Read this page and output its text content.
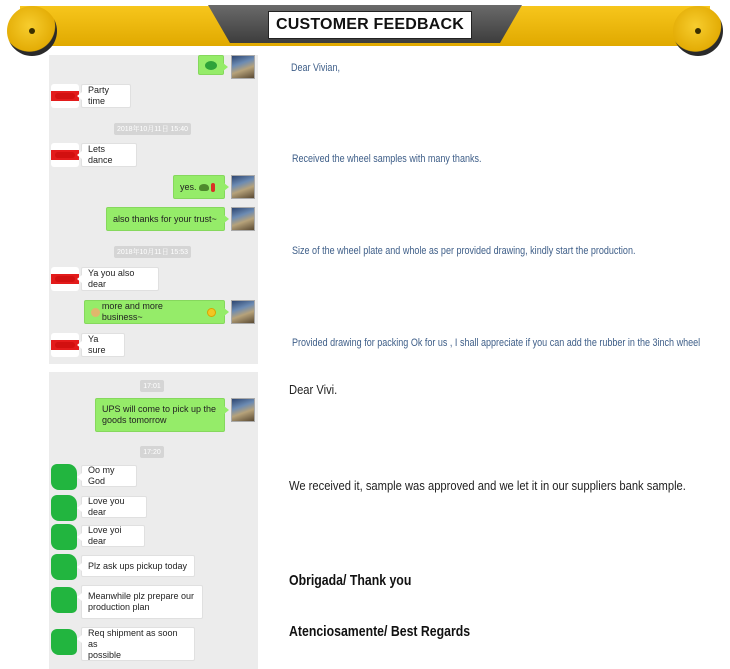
CUSTOMER FEEDBACK
Party time
2018年10月11日 15:40
Lets dance
yes.
also thanks for your trust~
2018年10月11日 15:53
Ya you also dear
more and more business~
Ya sure
17:01
UPS will come to pick up the
goods tomorrow
17:20
Oo my God
Love you dear
Love yoi dear
Plz ask ups pickup today
Meanwhile plz prepare our
production plan
Req shipment as soon as
possible
Dear Vivian,
Received the wheel samples with many thanks.
Size of the wheel plate and whole as per provided drawing, kindly start the production.
Provided drawing for packing Ok for us , I shall appreciate if you can add the rubber in the 3inch wheel
Dear Vivi.
We received it, sample was approved and we let it in our suppliers bank sample.
Obrigada/ Thank you
Atenciosamente/ Best Regards
